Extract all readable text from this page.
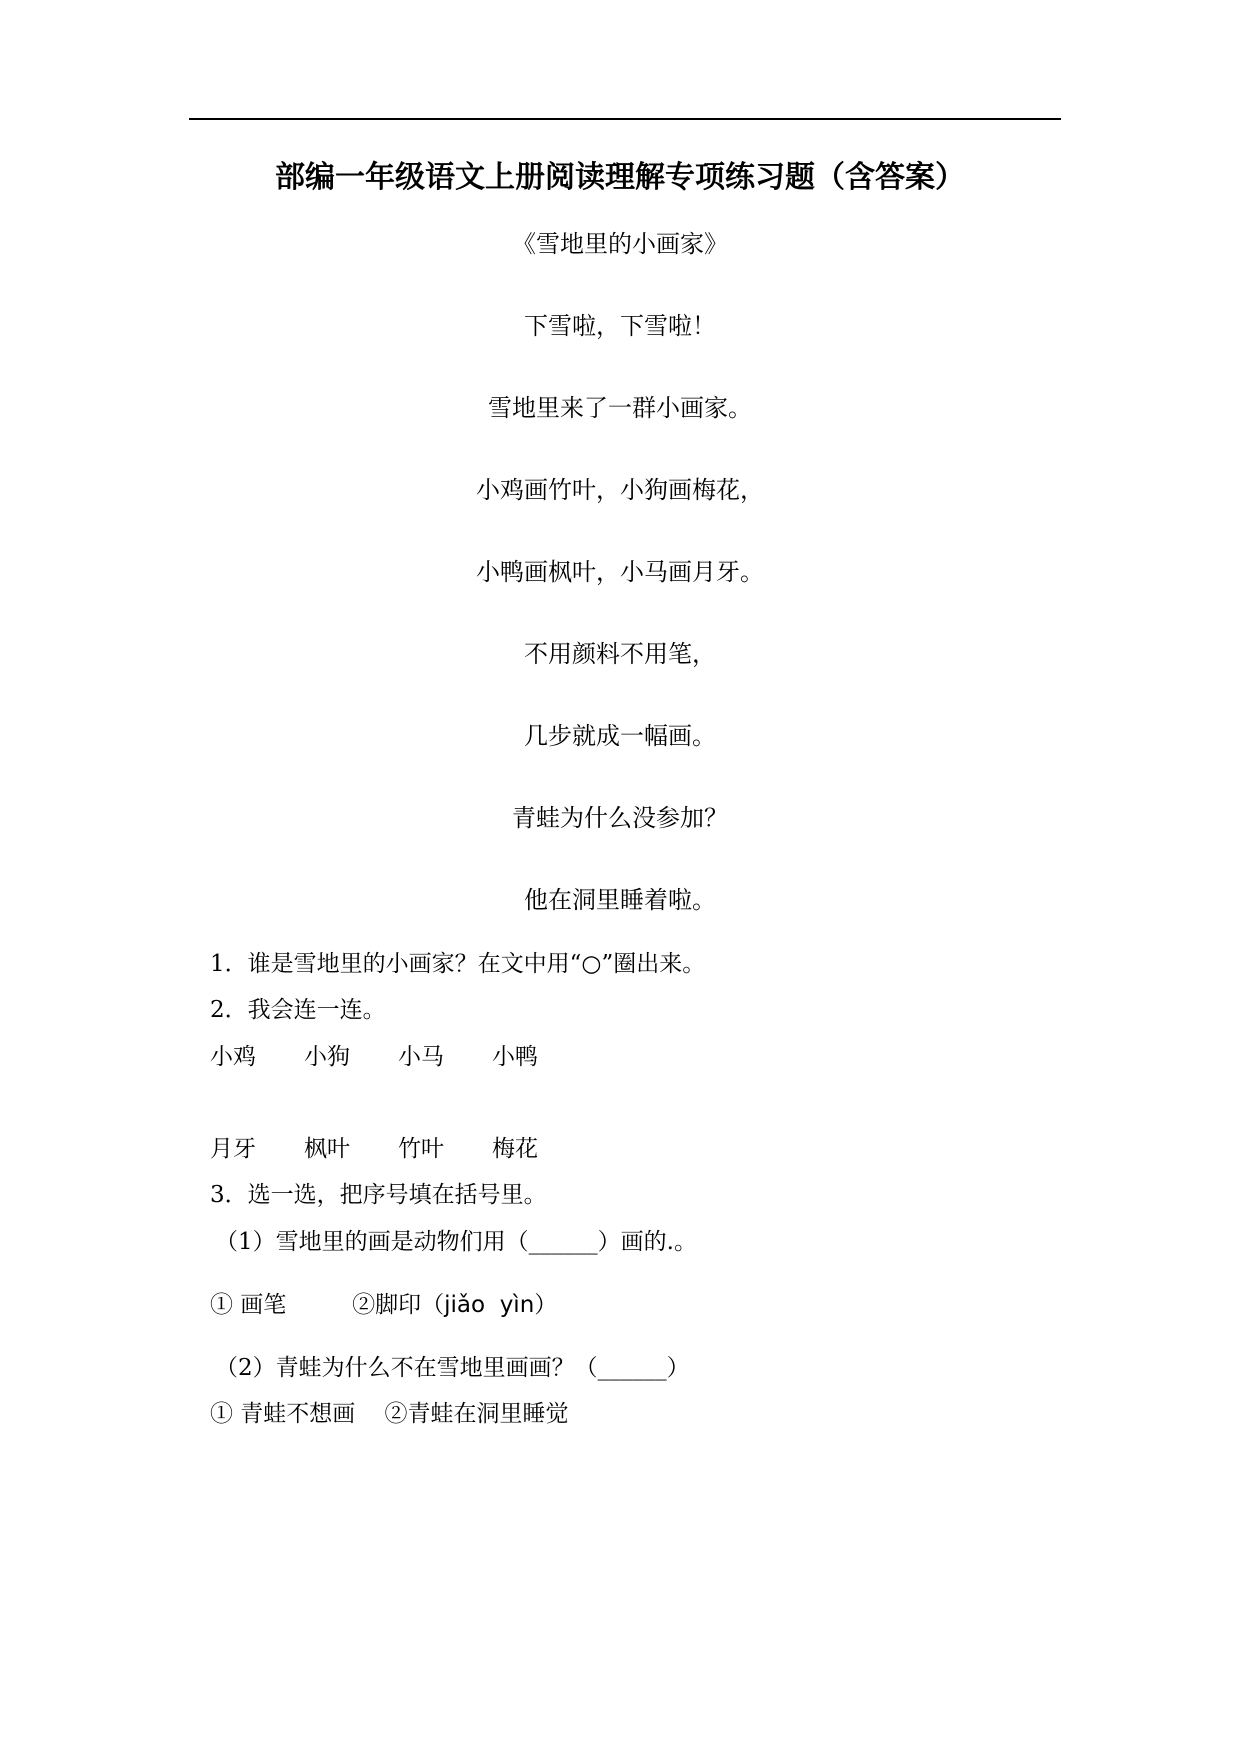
部编一年级语文上册阅读理解专项练习题（含答案）
《雪地里的小画家》
下雪啦，下雪啦！
雪地里来了一群小画家。
小鸡画竹叶，小狗画梅花，
小鸭画枫叶，小马画月牙。
不用颜料不用笔，
几步就成一幅画。
青蛙为什么没参加？
他在洞里睡着啦。
1．谁是雪地里的小画家？在文中用“○”圈出来。
2．我会连一连。
小鸡 小狗 小马 小鸭
月牙 枫叶 竹叶 梅花
3．选一选，把序号填在括号里。
（1）雪地里的画是动物们用（______）画的.。
① 画笔	②脚印（jiǎo  yìn）
（2）青蛙为什么不在雪地里画画？（______）
① 青蛙不想画    ②青蛙在洞里睡觉
